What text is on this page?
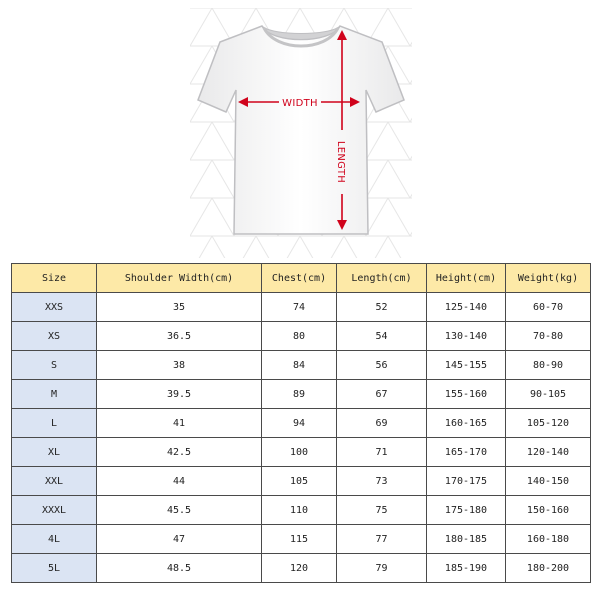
WIDTH
LENGTH
Size	Shoulder Width(cm)	Chest(cm)	Length(cm)	Height(cm)	Weight(kg)
XXS	35	74	52	125-140	60-70
XS	36.5	80	54	130-140	70-80
S	38	84	56	145-155	80-90
M	39.5	89	67	155-160	90-105
L	41	94	69	160-165	105-120
XL	42.5	100	71	165-170	120-140
XXL	44	105	73	170-175	140-150
XXXL	45.5	110	75	175-180	150-160
4L	47	115	77	180-185	160-180
5L	48.5	120	79	185-190	180-200
